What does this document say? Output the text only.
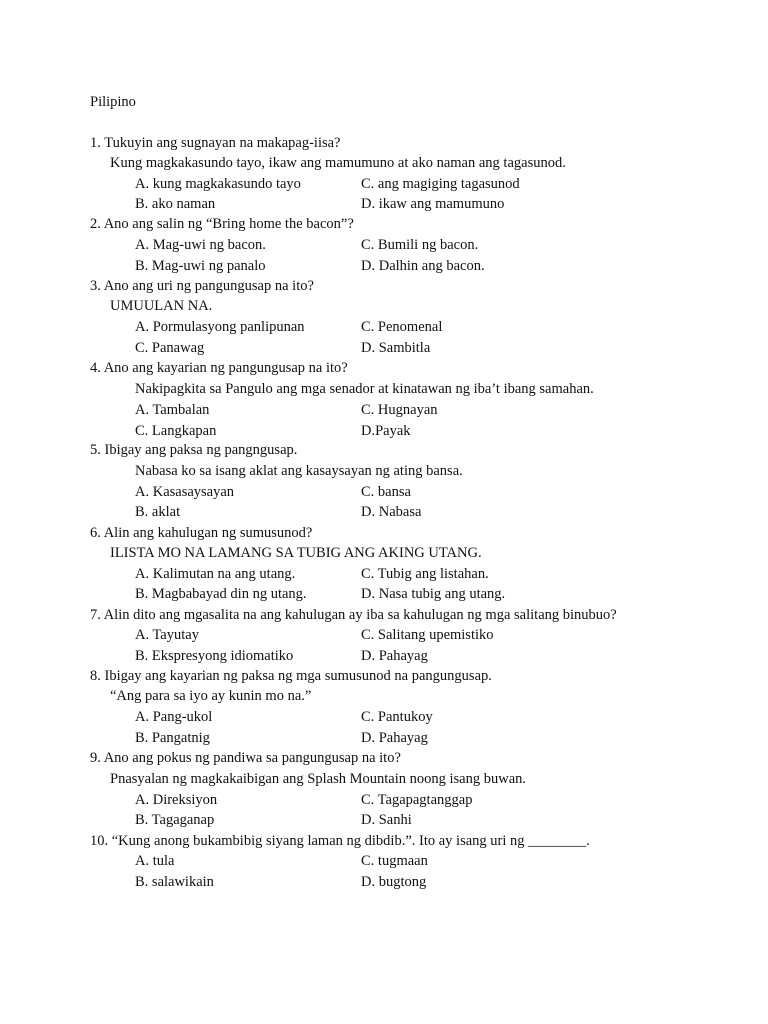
Pilipino
1. Tukuyin ang sugnayan na makapag-iisa?
Kung magkakasundo tayo, ikaw ang mamumuno at ako naman ang tagasunod.
A. kung magkakasundo tayo	C. ang magiging tagasunod
B. ako naman	D. ikaw ang mamumuno
2. Ano ang salin ng “Bring home the bacon”?
A. Mag-uwi ng bacon.	C. Bumili ng bacon.
B. Mag-uwi ng panalo	D. Dalhin ang bacon.
3. Ano ang uri ng pangungusap na ito?
UMUULAN NA.
A. Pormulasyong panlipunan	C. Penomenal
C. Panawag	D. Sambitla
4. Ano ang kayarian ng pangungusap na ito?
Nakipagkita sa Pangulo ang mga senador at kinatawan ng iba’t ibang samahan.
A. Tambalan	C. Hugnayan
C. Langkapan	D.Payak
5. Ibigay ang paksa ng pangngusap.
Nabasa ko sa isang aklat ang kasaysayan ng ating bansa.
A. Kasasaysayan	C. bansa
B. aklat	D. Nabasa
6. Alin ang kahulugan ng sumusunod?
ILISTA MO NA LAMANG SA TUBIG ANG AKING UTANG.
A. Kalimutan na ang utang.	C. Tubig ang listahan.
B. Magbabayad din ng utang.	D. Nasa tubig ang utang.
7. Alin dito ang mgasalita na ang kahulugan ay iba sa kahulugan ng mga salitang binubuo?
A. Tayutay	C. Salitang upemistiko
B. Ekspresyong idiomatiko	D. Pahayag
8. Ibigay ang kayarian ng paksa ng mga sumusunod na pangungusap.
“Ang para sa iyo ay kunin mo na.”
A. Pang-ukol	C. Pantukoy
B. Pangatnig	D. Pahayag
9. Ano ang pokus ng pandiwa sa pangungusap na ito?
Pnasyalan ng magkakaibigan ang Splash Mountain noong isang buwan.
A. Direksiyon	C. Tagapagtanggap
B. Tagaganap	D. Sanhi
10. “Kung anong bukambibig siyang laman ng dibdib.”. Ito ay isang uri ng ________.
A. tula	C. tugmaan
B. salawikain	D. bugtong
